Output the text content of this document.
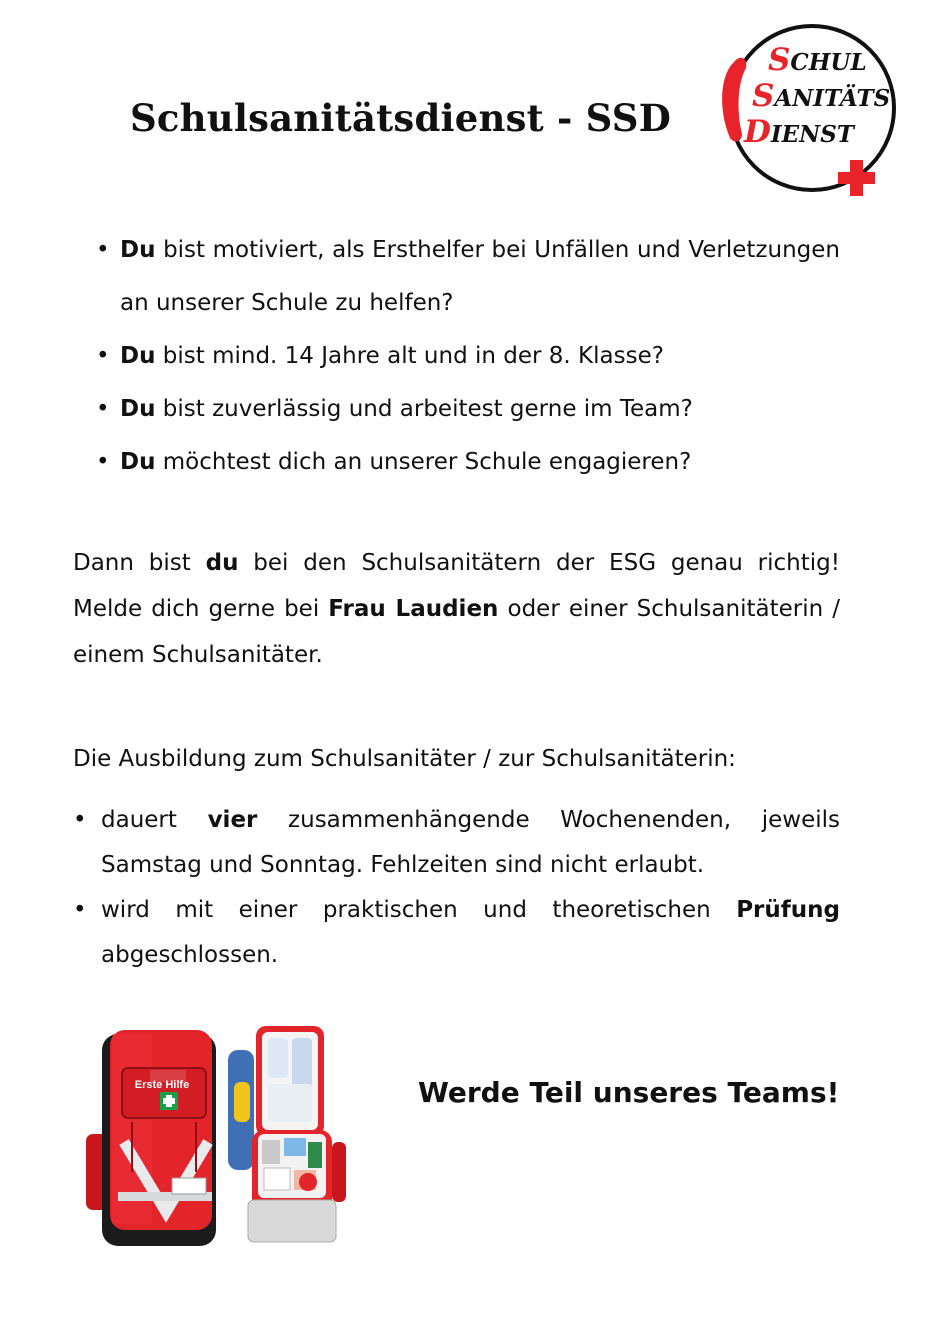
Schulsanitätsdienst - SSD
SCHUL
SANITÄTS
DIENST
• Du bist motiviert, als Ersthelfer bei Unfällen und Verletzungen an unserer Schule zu helfen?
• Du bist mind. 14 Jahre alt und in der 8. Klasse?
• Du bist zuverlässig und arbeitest gerne im Team?
• Du möchtest dich an unserer Schule engagieren?

Dann bist du bei den Schulsanitätern der ESG genau richtig! Melde dich gerne bei Frau Laudien oder einer Schulsanitäterin / einem Schulsanitäter.

Die Ausbildung zum Schulsanitäter / zur Schulsanitäterin:

• dauert vier zusammenhängende Wochenenden, jeweils Samstag und Sonntag. Fehlzeiten sind nicht erlaubt.
• wird mit einer praktischen und theoretischen Prüfung abgeschlossen.
Erste Hilfe	Werde Teil unseres Teams!
